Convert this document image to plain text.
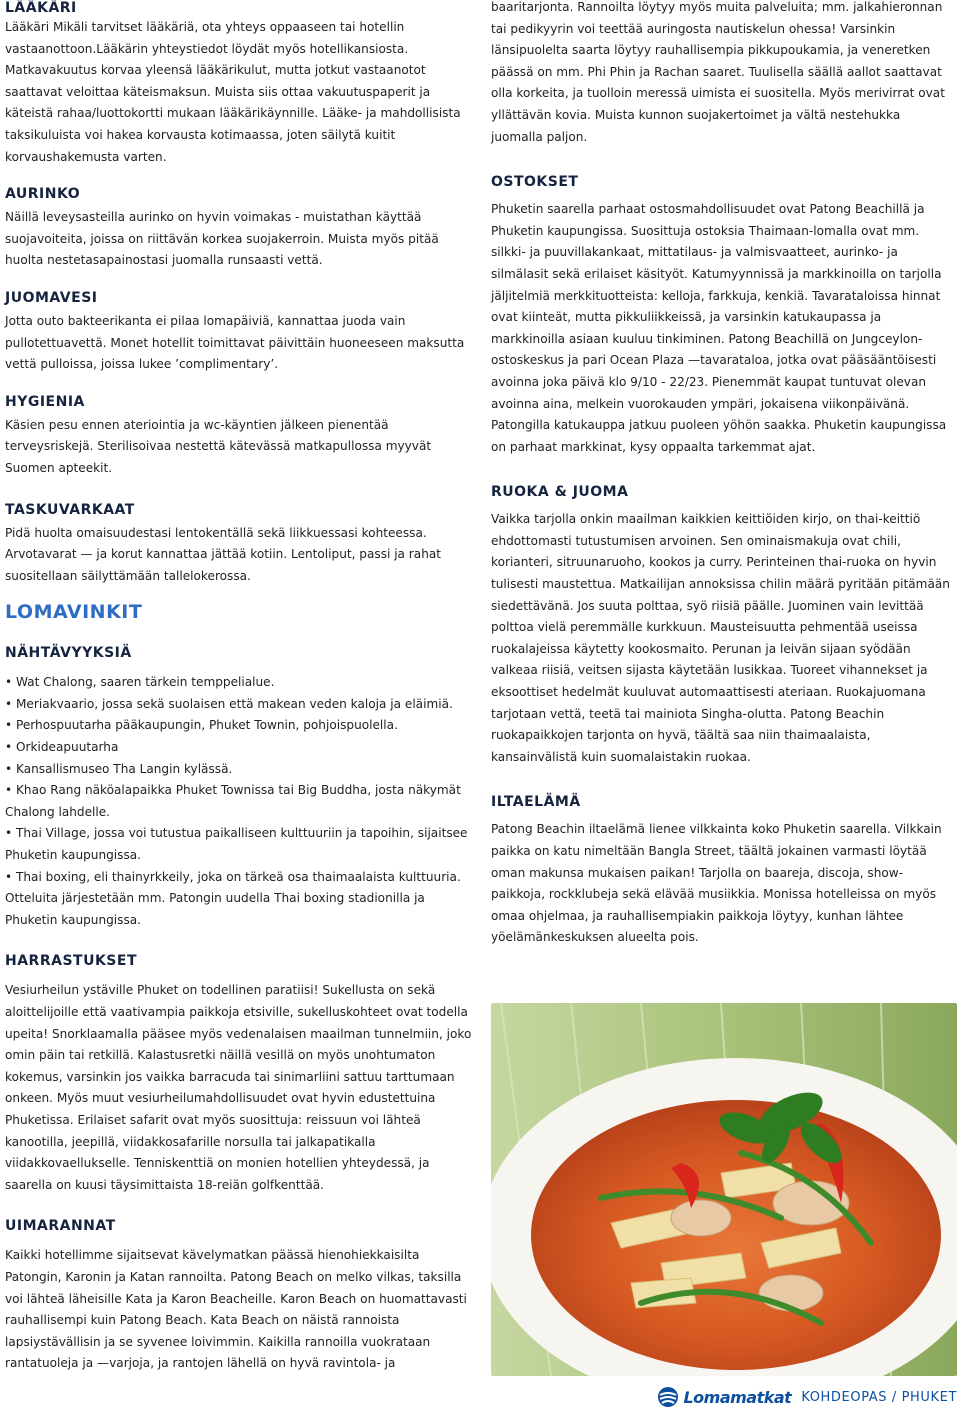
LÄÄKÄRI

Lääkäri Mikäli tarvitset lääkäriä, ota yhteys oppaaseen tai hotellin vastaanottoon.Lääkärin yhteystiedot löydät myös hotellikansiosta. Matkavakuutus korvaa yleensä lääkärikulut, mutta jotkut vastaanotot saattavat veloittaa käteismaksun. Muista siis ottaa vakuutuspaperit ja käteistä rahaa/luottokortti mukaan lääkärikäynnille. Lääke- ja mahdollisista taksikuluista voi hakea korvausta kotimaassa, joten säilytä kuitit korvaushakemusta varten.

AURINKO

Näillä leveysasteilla aurinko on hyvin voimakas - muistathan käyttää suojavoiteita, joissa on riittävän korkea suojakerroin. Muista myös pitää huolta nestetasapainostasi juomalla runsaasti vettä.

JUOMAVESI

Jotta outo bakteerikanta ei pilaa lomapäiviä, kannattaa juoda vain pullotettuavettä. Monet hotellit toimittavat päivittäin huoneeseen maksutta vettä pulloissa, joissa lukee ’complimentary’.

HYGIENIA

Käsien pesu ennen ateriointia ja wc-käyntien jälkeen pienentää terveysriskejä. Sterilisoivaa nestettä kätevässä matkapullossa myyvät Suomen apteekit.

TASKUVARKAAT

Pidä huolta omaisuudestasi lentokentällä sekä liikkuessasi kohteessa. Arvotavarat — ja korut kannattaa jättää kotiin. Lentoliput, passi ja rahat suositellaan säilyttämään tallelokerossa.

LOMAVINKIT
NÄHTÄVYYKSIÄ
• Wat Chalong, saaren tärkein temppelialue.
• Meriakvaario, jossa sekä suolaisen että makean veden kaloja ja eläimiä.
• Perhospuutarha pääkaupungin, Phuket Townin, pohjoispuolella.
• Orkideapuutarha
• Kansallismuseo Tha Langin kylässä.
• Khao Rang näköalapaikka Phuket Townissa tai Big Buddha, josta näkymät Chalong lahdelle.
• Thai Village, jossa voi tutustua paikalliseen kulttuuriin ja tapoihin, sijaitsee Phuketin kaupungissa.
• Thai boxing, eli thainyrkkeily, joka on tärkeä osa thaimaalaista kulttuuria. Otteluita järjestetään mm. Patongin uudella Thai boxing stadionilla ja Phuketin kaupungissa.
HARRASTUKSET

Vesiurheilun ystäville Phuket on todellinen paratiisi! Sukellusta on sekä aloittelijoille että vaativampia paikkoja etsiville, sukelluskohteet ovat todella upeita! Snorklaamalla pääsee myös vedenalaisen maailman tunnelmiin, joko omin päin tai retkillä. Kalastusretki näillä vesillä on myös unohtumaton kokemus, varsinkin jos vaikka barracuda tai sinimarliini sattuu tarttumaan onkeen. Myös muut vesiurheilumahdollisuudet ovat hyvin edustettuina Phuketissa. Erilaiset safarit ovat myös suosittuja: reissuun voi lähteä kanootilla, jeepillä, viidakkosafarille norsulla tai jalkapatikalla viidakkovaellukselle. Tenniskenttiä on monien hotellien yhteydessä, ja saarella on kuusi täysimittaista 18-reiän golfkenttää.

UIMARANNAT

Kaikki hotellimme sijaitsevat kävelymatkan päässä hienohiekkaisilta Patongin, Karonin ja Katan rannoilta. Patong Beach on melko vilkas, taksilla voi lähteä läheisille Kata ja Karon Beacheille. Karon Beach on huomattavasti rauhallisempi kuin Patong Beach. Kata Beach on näistä rannoista lapsiystävällisin ja se syvenee loivimmin. Kaikilla rannoilla vuokrataan rantatuoleja ja —varjoja, ja rantojen lähellä on hyvä ravintola- ja

baaritarjonta. Rannoilta löytyy myös muita palveluita; mm. jalkahieronnan tai pedikyyrin voi teettää auringosta nautiskelun ohessa! Varsinkin länsipuolelta saarta löytyy rauhallisempia pikkupoukamia, ja veneretken päässä on mm. Phi Phin ja Rachan saaret. Tuulisella säällä aallot saattavat olla korkeita, ja tuolloin meressä uimista ei suositella. Myös merivirrat ovat yllättävän kovia. Muista kunnon suojakertoimet ja vältä nestehukka juomalla paljon.

OSTOKSET

Phuketin saarella parhaat ostosmahdollisuudet ovat Patong Beachillä ja Phuketin kaupungissa. Suosittuja ostoksia Thaimaan-lomalla ovat mm. silkki- ja puuvillakankaat, mittatilaus- ja valmisvaatteet, aurinko- ja silmälasit sekä erilaiset käsityöt. Katumyynnissä ja markkinoilla on tarjolla jäljitelmiä merkkituotteista: kelloja, farkkuja, kenkiä. Tavarataloissa hinnat ovat kiinteät, mutta pikkuliikkeissä, ja varsinkin katukaupassa ja markkinoilla asiaan kuuluu tinkiminen. Patong Beachillä on Jungceylon-ostoskeskus ja pari Ocean Plaza —tavarataloa, jotka ovat pääsääntöisesti avoinna joka päivä klo 9/10 - 22/23. Pienemmät kaupat tuntuvat olevan avoinna aina, melkein vuorokauden ympäri, jokaisena viikonpäivänä. Patongilla katukauppa jatkuu puoleen yöhön saakka. Phuketin kaupungissa on parhaat markkinat, kysy oppaalta tarkemmat ajat.

RUOKA & JUOMA

Vaikka tarjolla onkin maailman kaikkien keittiöiden kirjo, on thai-keittiö ehdottomasti tutustumisen arvoinen. Sen ominaismakuja ovat chili, korianteri, sitruunaruoho, kookos ja curry. Perinteinen thai-ruoka on hyvin tulisesti maustettua. Matkailijan annoksissa chilin määrä pyritään pitämään siedettävänä. Jos suuta polttaa, syö riisiä päälle. Juominen vain levittää polttoa vielä peremmälle kurkkuun. Mausteisuutta pehmentää useissa ruokalajeissa käytetty kookosmaito. Perunan ja leivän sijaan syödään valkeaa riisiä, veitsen sijasta käytetään lusikkaa. Tuoreet vihannekset ja eksoottiset hedelmät kuuluvat automaattisesti ateriaan. Ruokajuomana tarjotaan vettä, teetä tai mainiota Singha-olutta. Patong Beachin ruokapaikkojen tarjonta on hyvä, täältä saa niin thaimaalaista, kansainvälistä kuin suomalaistakin ruokaa.

ILTAELÄMÄ

Patong Beachin iltaelämä lienee vilkkainta koko Phuketin saarella. Vilkkain paikka on katu nimeltään Bangla Street, täältä jokainen varmasti löytää oman makunsa mukaisen paikan! Tarjolla on baareja, discoja, show-paikkoja, rockklubeja sekä elävää musiikkia. Monissa hotelleissa on myös omaa ohjelmaa, ja rauhallisempiakin paikkoja löytyy, kunhan lähtee yöelämänkeskuksen alueelta pois.

Lomamatkat KOHDEOPAS / PHUKET
